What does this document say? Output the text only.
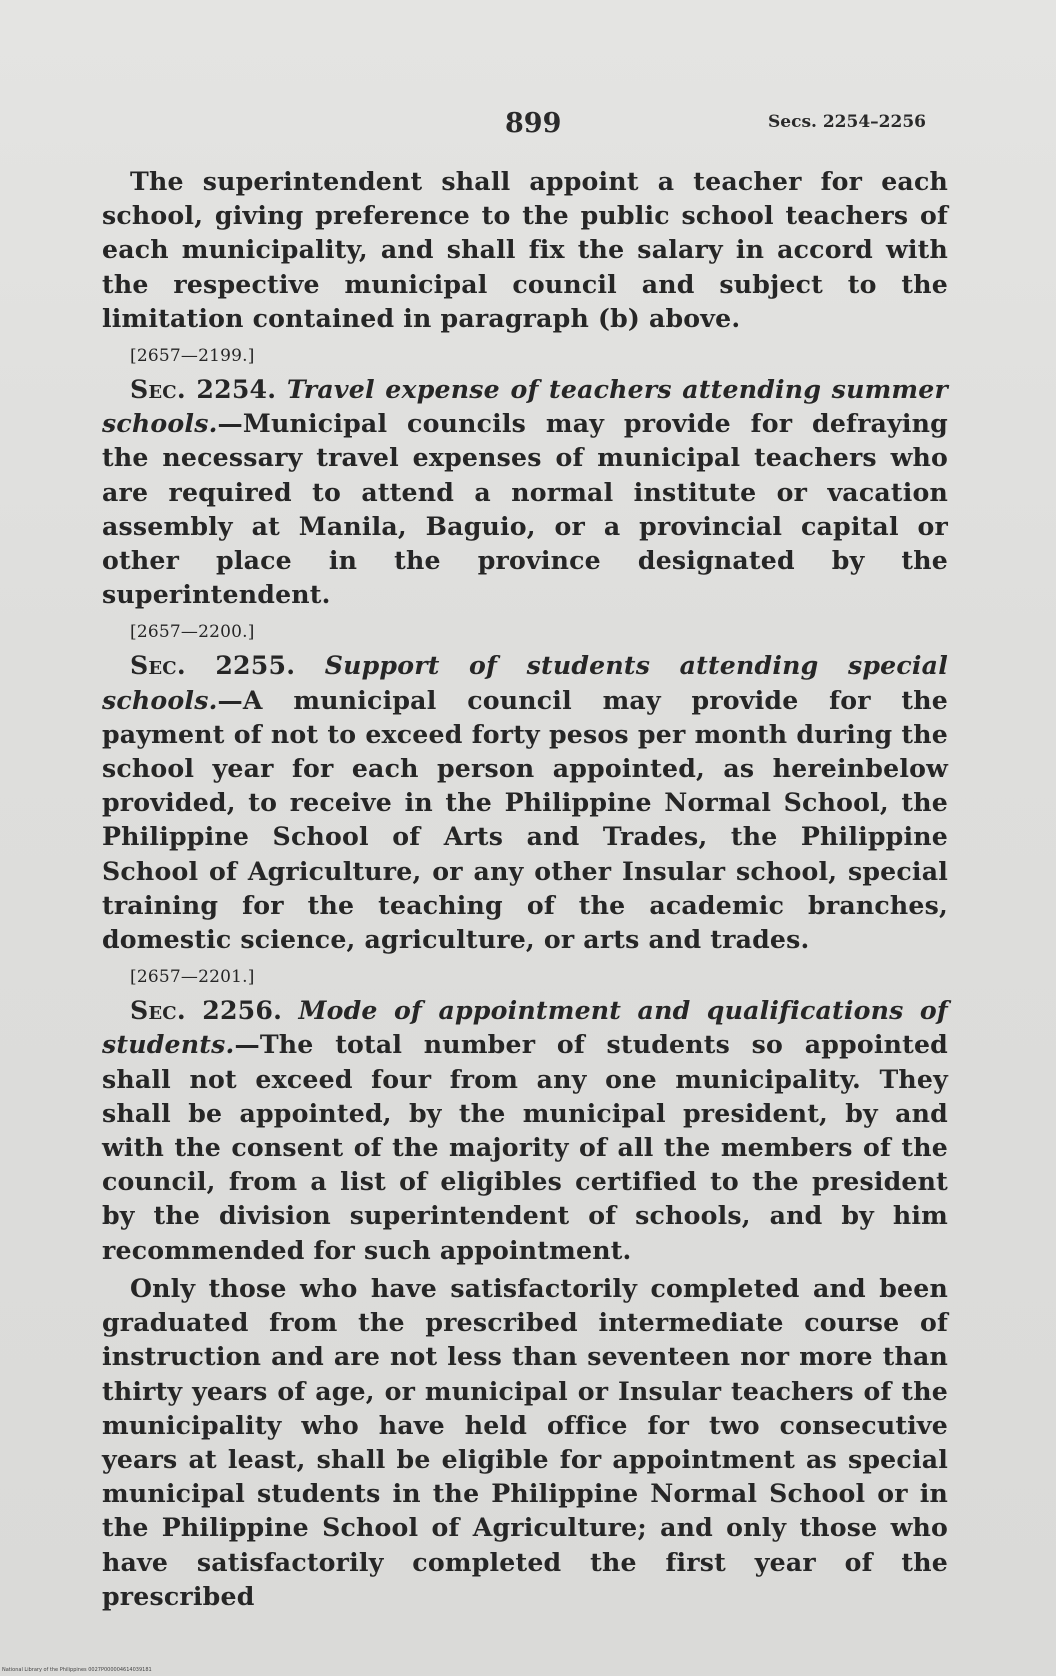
899	Secs. 2254–2256

The superintendent shall appoint a teacher for each school, giving preference to the public school teachers of each municipality, and shall fix the salary in accord with the respective municipal council and subject to the limitation contained in paragraph (b) above.

[2657—2199.]

Sec. 2254. Travel expense of teachers attending summer schools.—Municipal councils may provide for defraying the necessary travel expenses of municipal teachers who are required to attend a normal institute or vacation assembly at Manila, Baguio, or a provincial capital or other place in the province designated by the superintendent.

[2657—2200.]

Sec. 2255. Support of students attending special schools.—A municipal council may provide for the payment of not to exceed forty pesos per month during the school year for each person appointed, as hereinbelow provided, to receive in the Philippine Normal School, the Philippine School of Arts and Trades, the Philippine School of Agriculture, or any other Insular school, special training for the teaching of the academic branches, domestic science, agriculture, or arts and trades.

[2657—2201.]

Sec. 2256. Mode of appointment and qualifications of students.—The total number of students so appointed shall not exceed four from any one municipality. They shall be appointed, by the municipal president, by and with the consent of the majority of all the members of the council, from a list of eligibles certified to the president by the division superintendent of schools, and by him recommended for such appointment.

Only those who have satisfactorily completed and been graduated from the prescribed intermediate course of instruction and are not less than seventeen nor more than thirty years of age, or municipal or Insular teachers of the municipality who have held office for two consecutive years at least, shall be eligible for appointment as special municipal students in the Philippine Normal School or in the Philippine School of Agriculture; and only those who have satisfactorily completed the first year of the prescribed

National Library of the Philippines 0027P000004614039181
